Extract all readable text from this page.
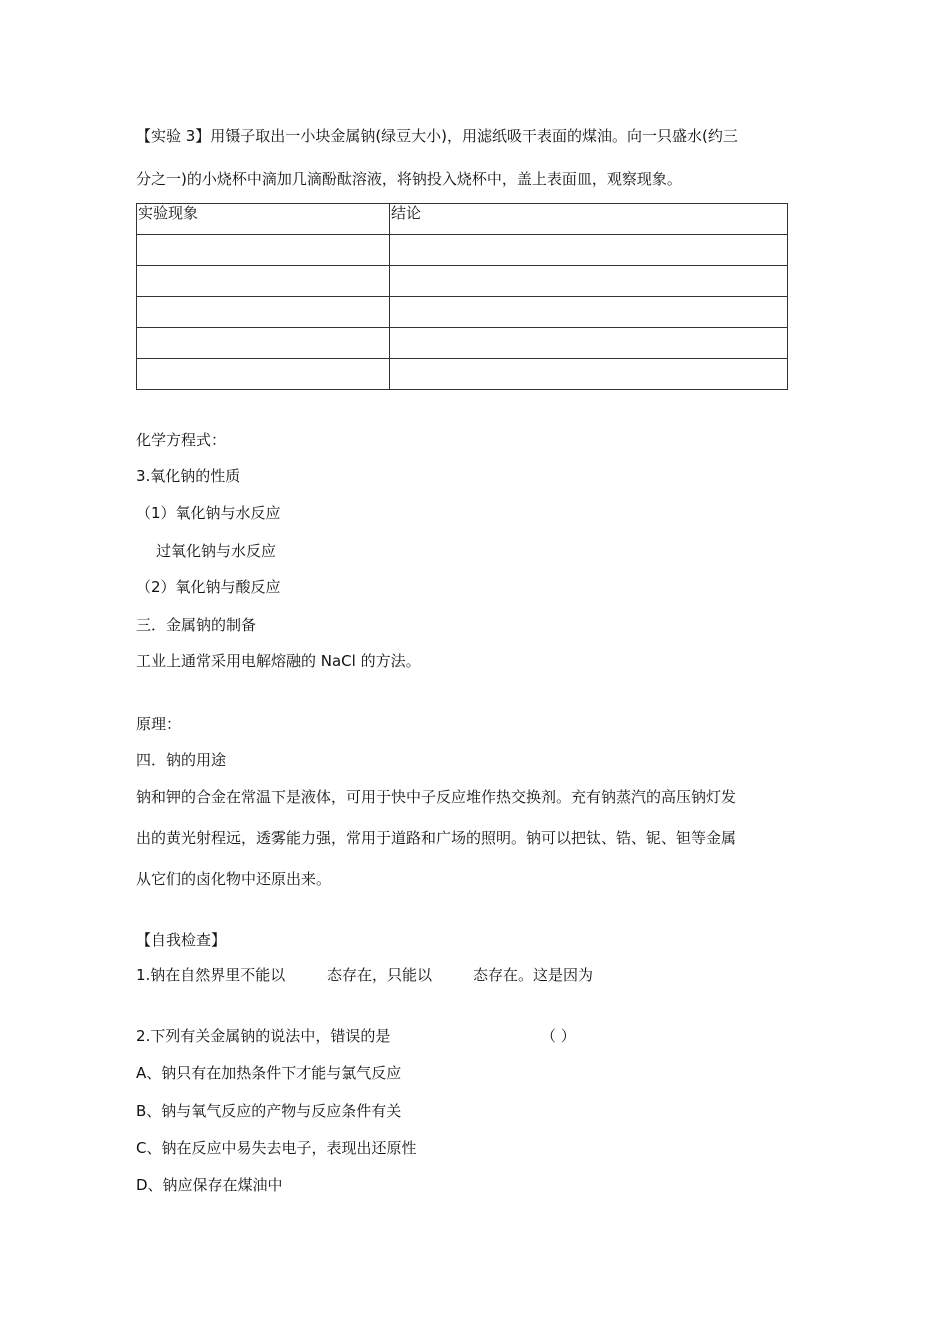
【实验 3】用镊子取出一小块金属钠(绿豆大小)，用滤纸吸干表面的煤油。向一只盛水(约三
分之一)的小烧杯中滴加几滴酚酞溶液，将钠投入烧杯中，盖上表面皿，观察现象。
实验现象	结论

化学方程式：
3.氧化钠的性质
（1）氧化钠与水反应
过氧化钠与水反应
（2）氧化钠与酸反应
三．金属钠的制备
工业上通常采用电解熔融的 NaCl 的方法。
原理：
四．钠的用途
钠和钾的合金在常温下是液体，可用于快中子反应堆作热交换剂。充有钠蒸汽的高压钠灯发
出的黄光射程远，透雾能力强，常用于道路和广场的照明。钠可以把钛、锆、铌、钽等金属
从它们的卤化物中还原出来。
【自我检查】
1.钠在自然界里不能以	态存在，只能以	态存在。这是因为
2.下列有关金属钠的说法中，错误的是	（ ）
A、钠只有在加热条件下才能与氯气反应
B、钠与氧气反应的产物与反应条件有关
C、钠在反应中易失去电子，表现出还原性
D、钠应保存在煤油中
